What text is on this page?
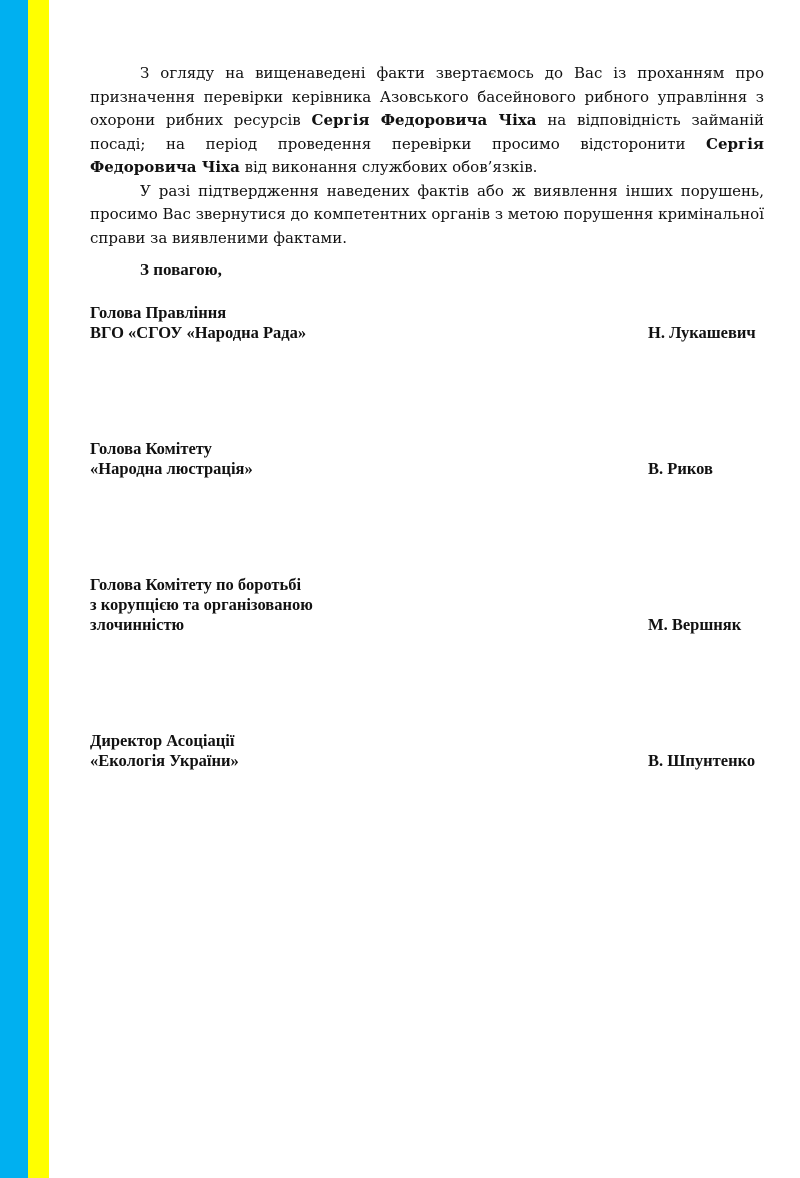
З огляду на вищенаведені факти звертаємось до Вас із проханням про призначення перевірки керівника Азовського басейнового рибного управління з охорони рибних ресурсів Сергія Федоровича Чіха на відповідність займаній посаді; на період проведення перевірки просимо відсторонити Сергія Федоровича Чіха від виконання службових обов’язків.

У разі підтвердження наведених фактів або ж виявлення інших порушень, просимо Вас звернутися до компетентних органів з метою порушення кримінальної справи за виявленими фактами.

З повагою,
Голова Правління
ВГО «СГОУ «Народна Рада»	Н. Лукашевич
Голова Комітету
«Народна люстрація»	В. Риков
Голова Комітету по боротьбі
з корупцією та організованою
злочинністю	М. Вершняк
Директор Асоціації
«Екологія України»	В. Шпунтенко
